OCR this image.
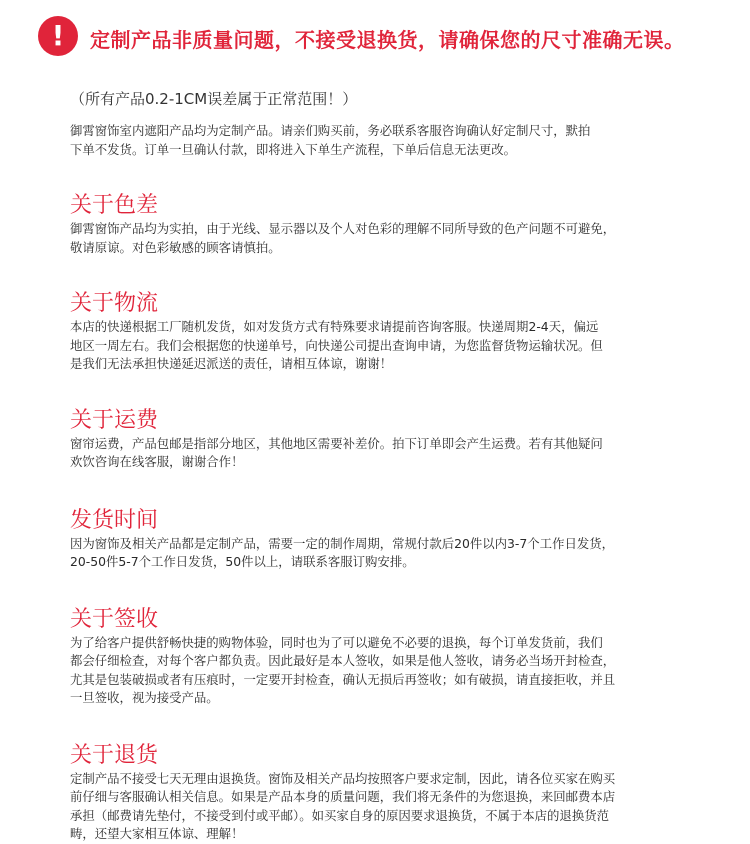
!	定制产品非质量问题，不接受退换货，请确保您的尺寸准确无误。
（所有产品0.2-1CM误差属于正常范围！）
御霄窗饰室内遮阳产品均为定制产品。请亲们购买前，务必联系客服咨询确认好定制尺寸，默拍
下单不发货。订单一旦确认付款，即将进入下单生产流程，下单后信息无法更改。
关于色差
御霄窗饰产品均为实拍，由于光线、显示器以及个人对色彩的理解不同所导致的色产问题不可避免，
敬请原谅。对色彩敏感的顾客请慎拍。
关于物流
本店的快递根据工厂随机发货，如对发货方式有特殊要求请提前咨询客服。快递周期2-4天，偏远
地区一周左右。我们会根据您的快递单号，向快递公司提出查询申请，为您监督货物运输状况。但
是我们无法承担快递延迟派送的责任，请相互体谅，谢谢！
关于运费
窗帘运费，产品包邮是指部分地区，其他地区需要补差价。拍下订单即会产生运费。若有其他疑问
欢饮咨询在线客服，谢谢合作！
发货时间
因为窗饰及相关产品都是定制产品，需要一定的制作周期，常规付款后20件以内3-7个工作日发货，
20-50件5-7个工作日发货，50件以上，请联系客服订购安排。
关于签收
为了给客户提供舒畅快捷的购物体验，同时也为了可以避免不必要的退换，每个订单发货前，我们
都会仔细检查，对每个客户都负责。因此最好是本人签收，如果是他人签收，请务必当场开封检查，
尤其是包装破损或者有压痕时，一定要开封检查，确认无损后再签收；如有破损，请直接拒收，并且
一旦签收，视为接受产品。
关于退货
定制产品不接受七天无理由退换货。窗饰及相关产品均按照客户要求定制，因此，请各位买家在购买
前仔细与客服确认相关信息。如果是产品本身的质量问题，我们将无条件的为您退换，来回邮费本店
承担（邮费请先垫付，不接受到付或平邮）。如买家自身的原因要求退换货，不属于本店的退换货范
畴，还望大家相互体谅、理解！
